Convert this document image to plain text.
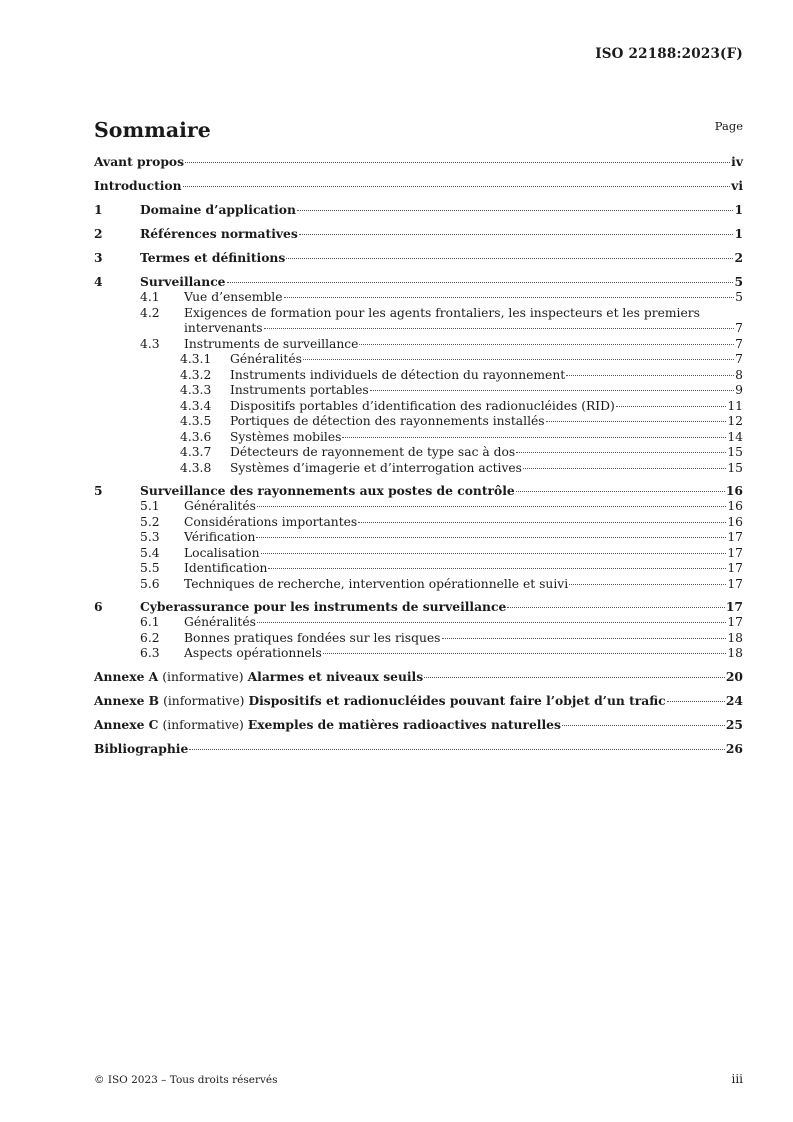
ISO 22188:2023(F)
Sommaire	Page
Avant propos	iv
Introduction	vi
1	Domaine d’application	1
2	Références normatives	1
3	Termes et définitions	2
4	Surveillance	5
4.1	Vue d’ensemble	5
4.2	Exigences de formation pour les agents frontaliers, les inspecteurs et les premiers
intervenants	7
4.3	Instruments de surveillance	7
4.3.1	Généralités	7
4.3.2	Instruments individuels de détection du rayonnement	8
4.3.3	Instruments portables	9
4.3.4	Dispositifs portables d’identification des radionucléides (RID)	11
4.3.5	Portiques de détection des rayonnements installés	12
4.3.6	Systèmes mobiles	14
4.3.7	Détecteurs de rayonnement de type sac à dos	15
4.3.8	Systèmes d’imagerie et d’interrogation actives	15
5	Surveillance des rayonnements aux postes de contrôle	16
5.1	Généralités	16
5.2	Considérations importantes	16
5.3	Vérification	17
5.4	Localisation	17
5.5	Identification	17
5.6	Techniques de recherche, intervention opérationnelle et suivi	17
6	Cyberassurance pour les instruments de surveillance	17
6.1	Généralités	17
6.2	Bonnes pratiques fondées sur les risques	18
6.3	Aspects opérationnels	18
Annexe A (informative) Alarmes et niveaux seuils	20
Annexe B (informative) Dispositifs et radionucléides pouvant faire l’objet d’un trafic	24
Annexe C (informative) Exemples de matières radioactives naturelles	25
Bibliographie	26
© ISO 2023 – Tous droits réservés	iii
